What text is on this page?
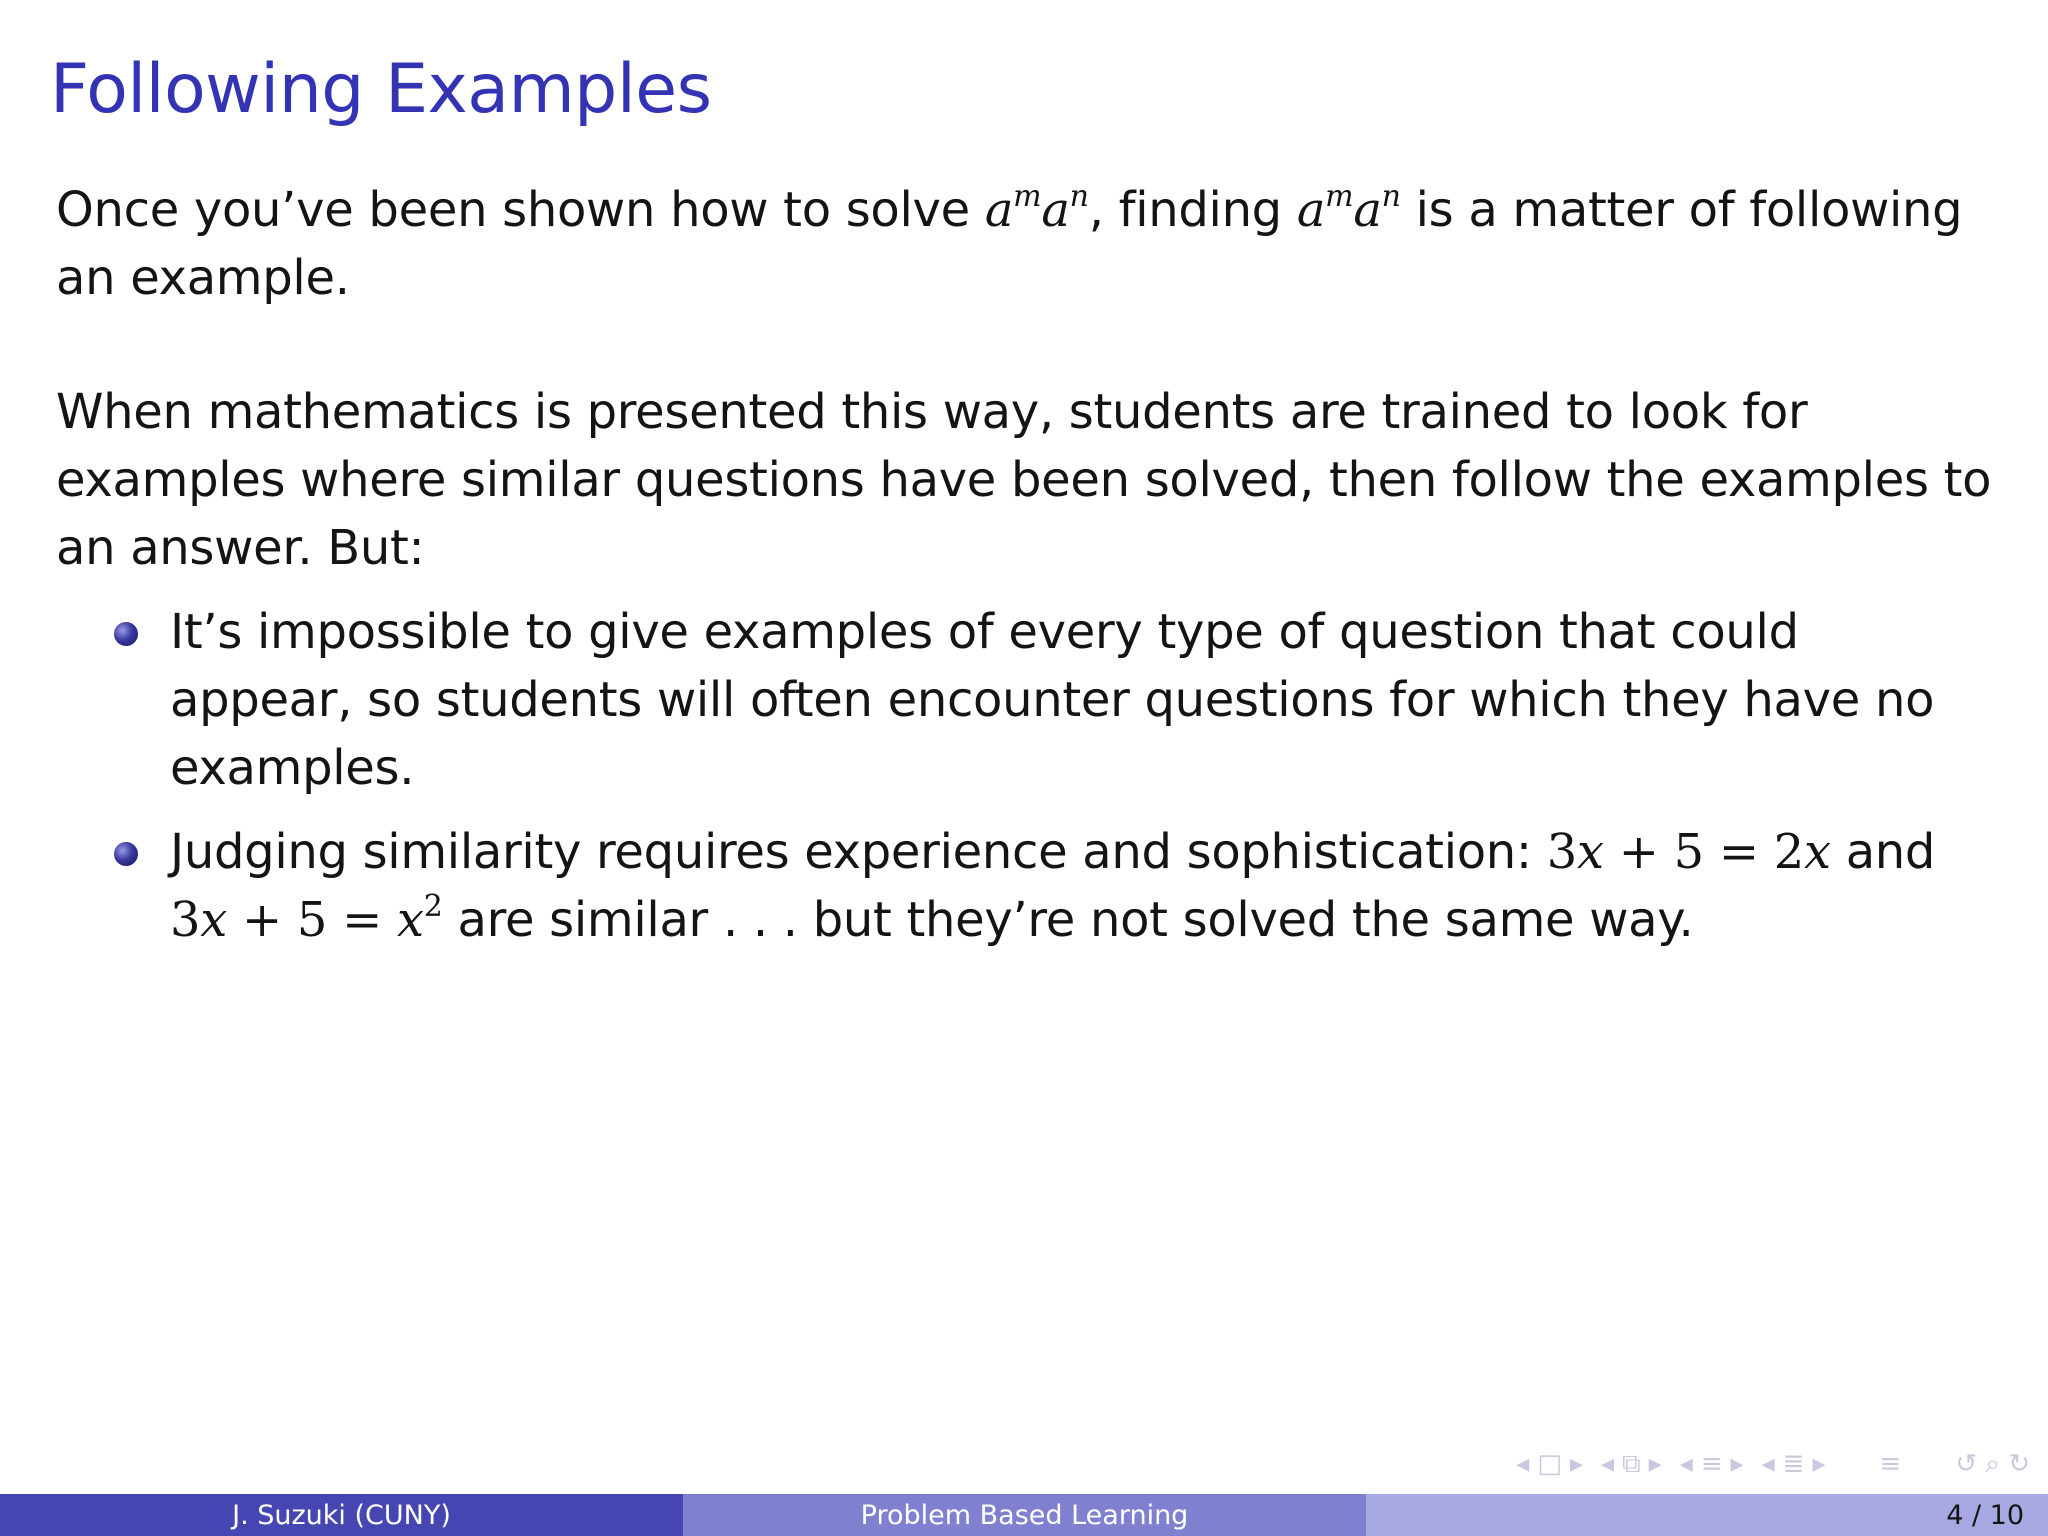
Following Examples

Once you’ve been shown how to solve $a^ma^n$, finding $a^ma^n$ is a matter of following an example.

When mathematics is presented this way, students are trained to look for examples where similar questions have been solved, then follow the examples to an answer. But:

It’s impossible to give examples of every type of question that could appear, so students will often encounter questions for which they have no examples.
Judging similarity requires experience and sophistication: 3x + 5 = 2x and $3x + 5 = x^2$ are similar . . . but they’re not solved the same way.
◂ □ ▸ ◂ ⧉ ▸ ◂ ≡ ▸ ◂ ≣ ▸ ≡ ↺ ⌕ ↻
J. Suzuki (CUNY)	Problem Based Learning	4 / 10
